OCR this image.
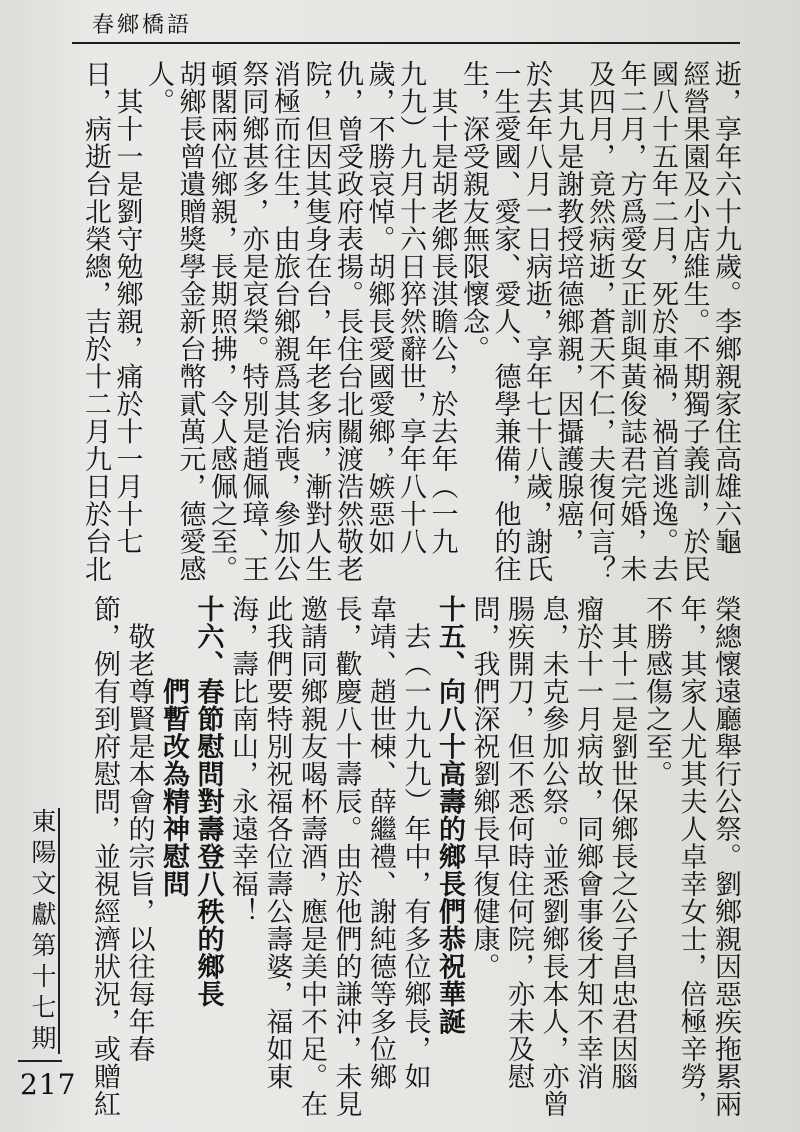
春鄉橋語
逝，享年六十九歲。李鄉親家住高雄六龜
經營果園及小店維生。不期獨子義訓，於民
國八十五年二月，死於車禍，禍首逃逸。去
年二月，方爲愛女正訓與黃俊誌君完婚，未
及四月，竟然病逝，蒼天不仁，夫復何言？
　其九是謝教授培德鄉親，因攝護腺癌，
於去年八月一日病逝，享年七十八歲，謝氏
一生愛國、愛家、愛人、德學兼備，他的往
生，深受親友無限懷念。
　其十是胡老鄉長淇瞻公，於去年（一九
九九）九月十六日猝然辭世，享年八十八
歲，不勝哀悼。胡鄉長愛國愛鄉，嫉惡如
仇，曾受政府表揚。長住台北關渡浩然敬老
院，但因其隻身在台，年老多病，漸對人生
消極而往生，由旅台鄉親爲其治喪，參加公
祭同鄉甚多，亦是哀榮。特別是趙佩璋、王
頓閣兩位鄉親，長期照拂，令人感佩之至。
胡鄉長曾遺贈獎學金新台幣貳萬元，德愛感
人。
　其十一是劉守勉鄉親，痛於十一月十七
日，病逝台北榮總，吉於十二月九日於台北
榮總懷遠廳舉行公祭。劉鄉親因惡疾拖累兩
年，其家人尤其夫人卓幸女士，倍極辛勞，
不勝感傷之至。
　其十二是劉世保鄉長之公子昌忠君因腦
瘤於十一月病故，同鄉會事後才知不幸消
息，未克參加公祭。並悉劉鄉長本人，亦曾
腸疾開刀，但不悉何時住何院，亦未及慰
問，我們深祝劉鄉長早復健康。
十五、向八十高壽的鄉長們恭祝華誕
　去（一九九九）年中，有多位鄉長，如
韋靖、趙世棟、薛繼禮、謝純德等多位鄉
長，歡慶八十壽辰。由於他們的謙沖，未見
邀請同鄉親友喝杯壽酒，應是美中不足。在
此我們要特別祝福各位壽公壽婆，福如東
海，壽比南山，永遠幸福！
十六、春節慰問對壽登八秩的鄉長
　　　們暫改為精神慰問
　敬老尊賢是本會的宗旨，以往每年春
節，例有到府慰問，並視經濟狀況，或贈紅
東陽文獻第十七期
217
